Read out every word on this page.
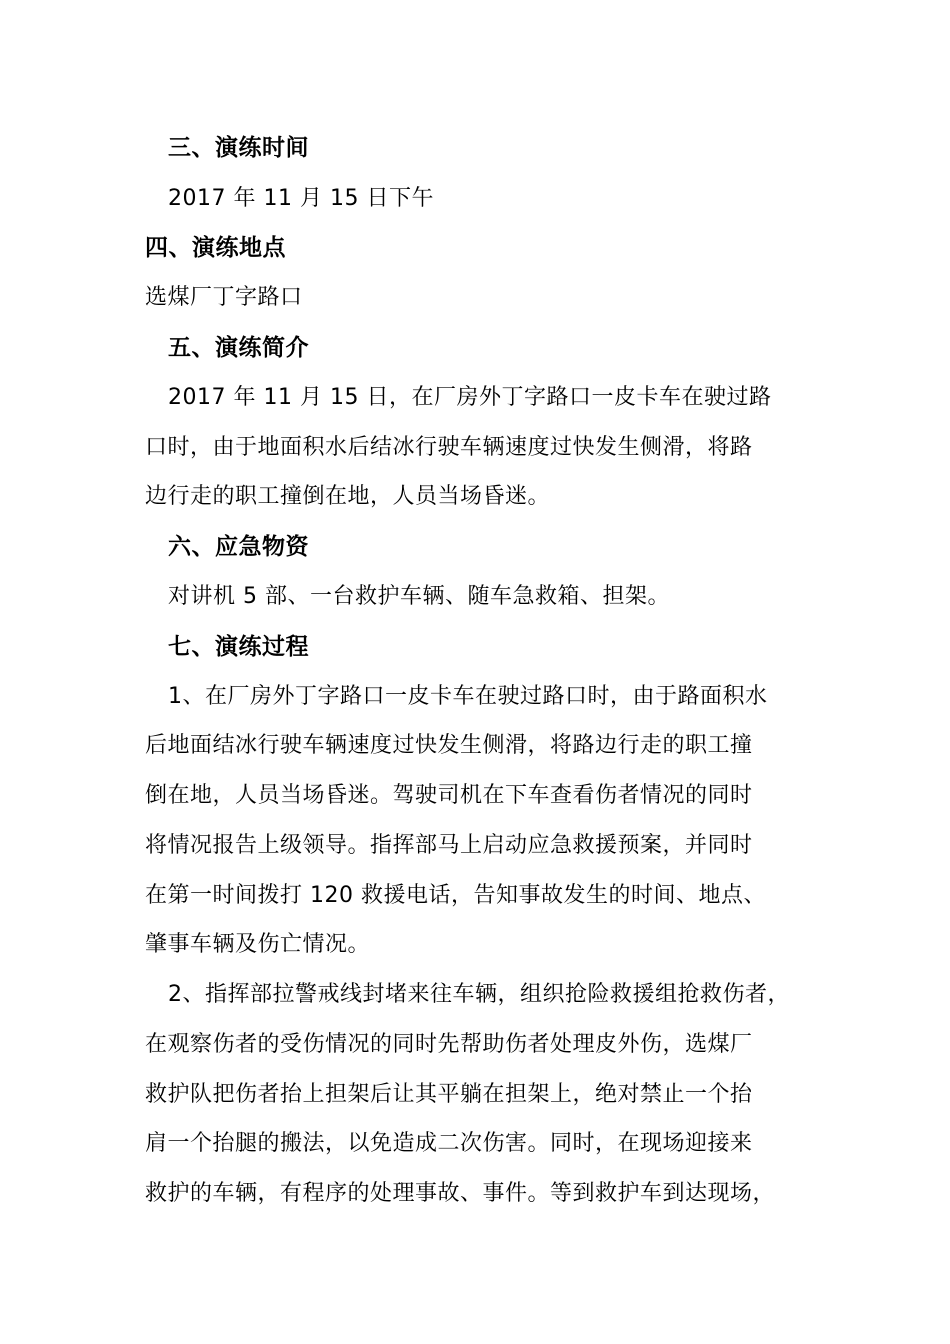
三、演练时间
2017 年 11 月 15 日下午
四、演练地点
选煤厂丁字路口
五、演练简介
2017 年 11 月 15 日，在厂房外丁字路口一皮卡车在驶过路
口时，由于地面积水后结冰行驶车辆速度过快发生侧滑，将路
边行走的职工撞倒在地，人员当场昏迷。
六、应急物资
对讲机 5 部、一台救护车辆、随车急救箱、担架。
七、演练过程
1、在厂房外丁字路口一皮卡车在驶过路口时，由于路面积水
后地面结冰行驶车辆速度过快发生侧滑，将路边行走的职工撞
倒在地，人员当场昏迷。驾驶司机在下车查看伤者情况的同时
将情况报告上级领导。指挥部马上启动应急救援预案，并同时
在第一时间拨打 120 救援电话，告知事故发生的时间、地点、
肇事车辆及伤亡情况。
2、指挥部拉警戒线封堵来往车辆，组织抢险救援组抢救伤者，
在观察伤者的受伤情况的同时先帮助伤者处理皮外伤，选煤厂
救护队把伤者抬上担架后让其平躺在担架上，绝对禁止一个抬
肩一个抬腿的搬法，以免造成二次伤害。同时，在现场迎接来
救护的车辆，有程序的处理事故、事件。等到救护车到达现场，
